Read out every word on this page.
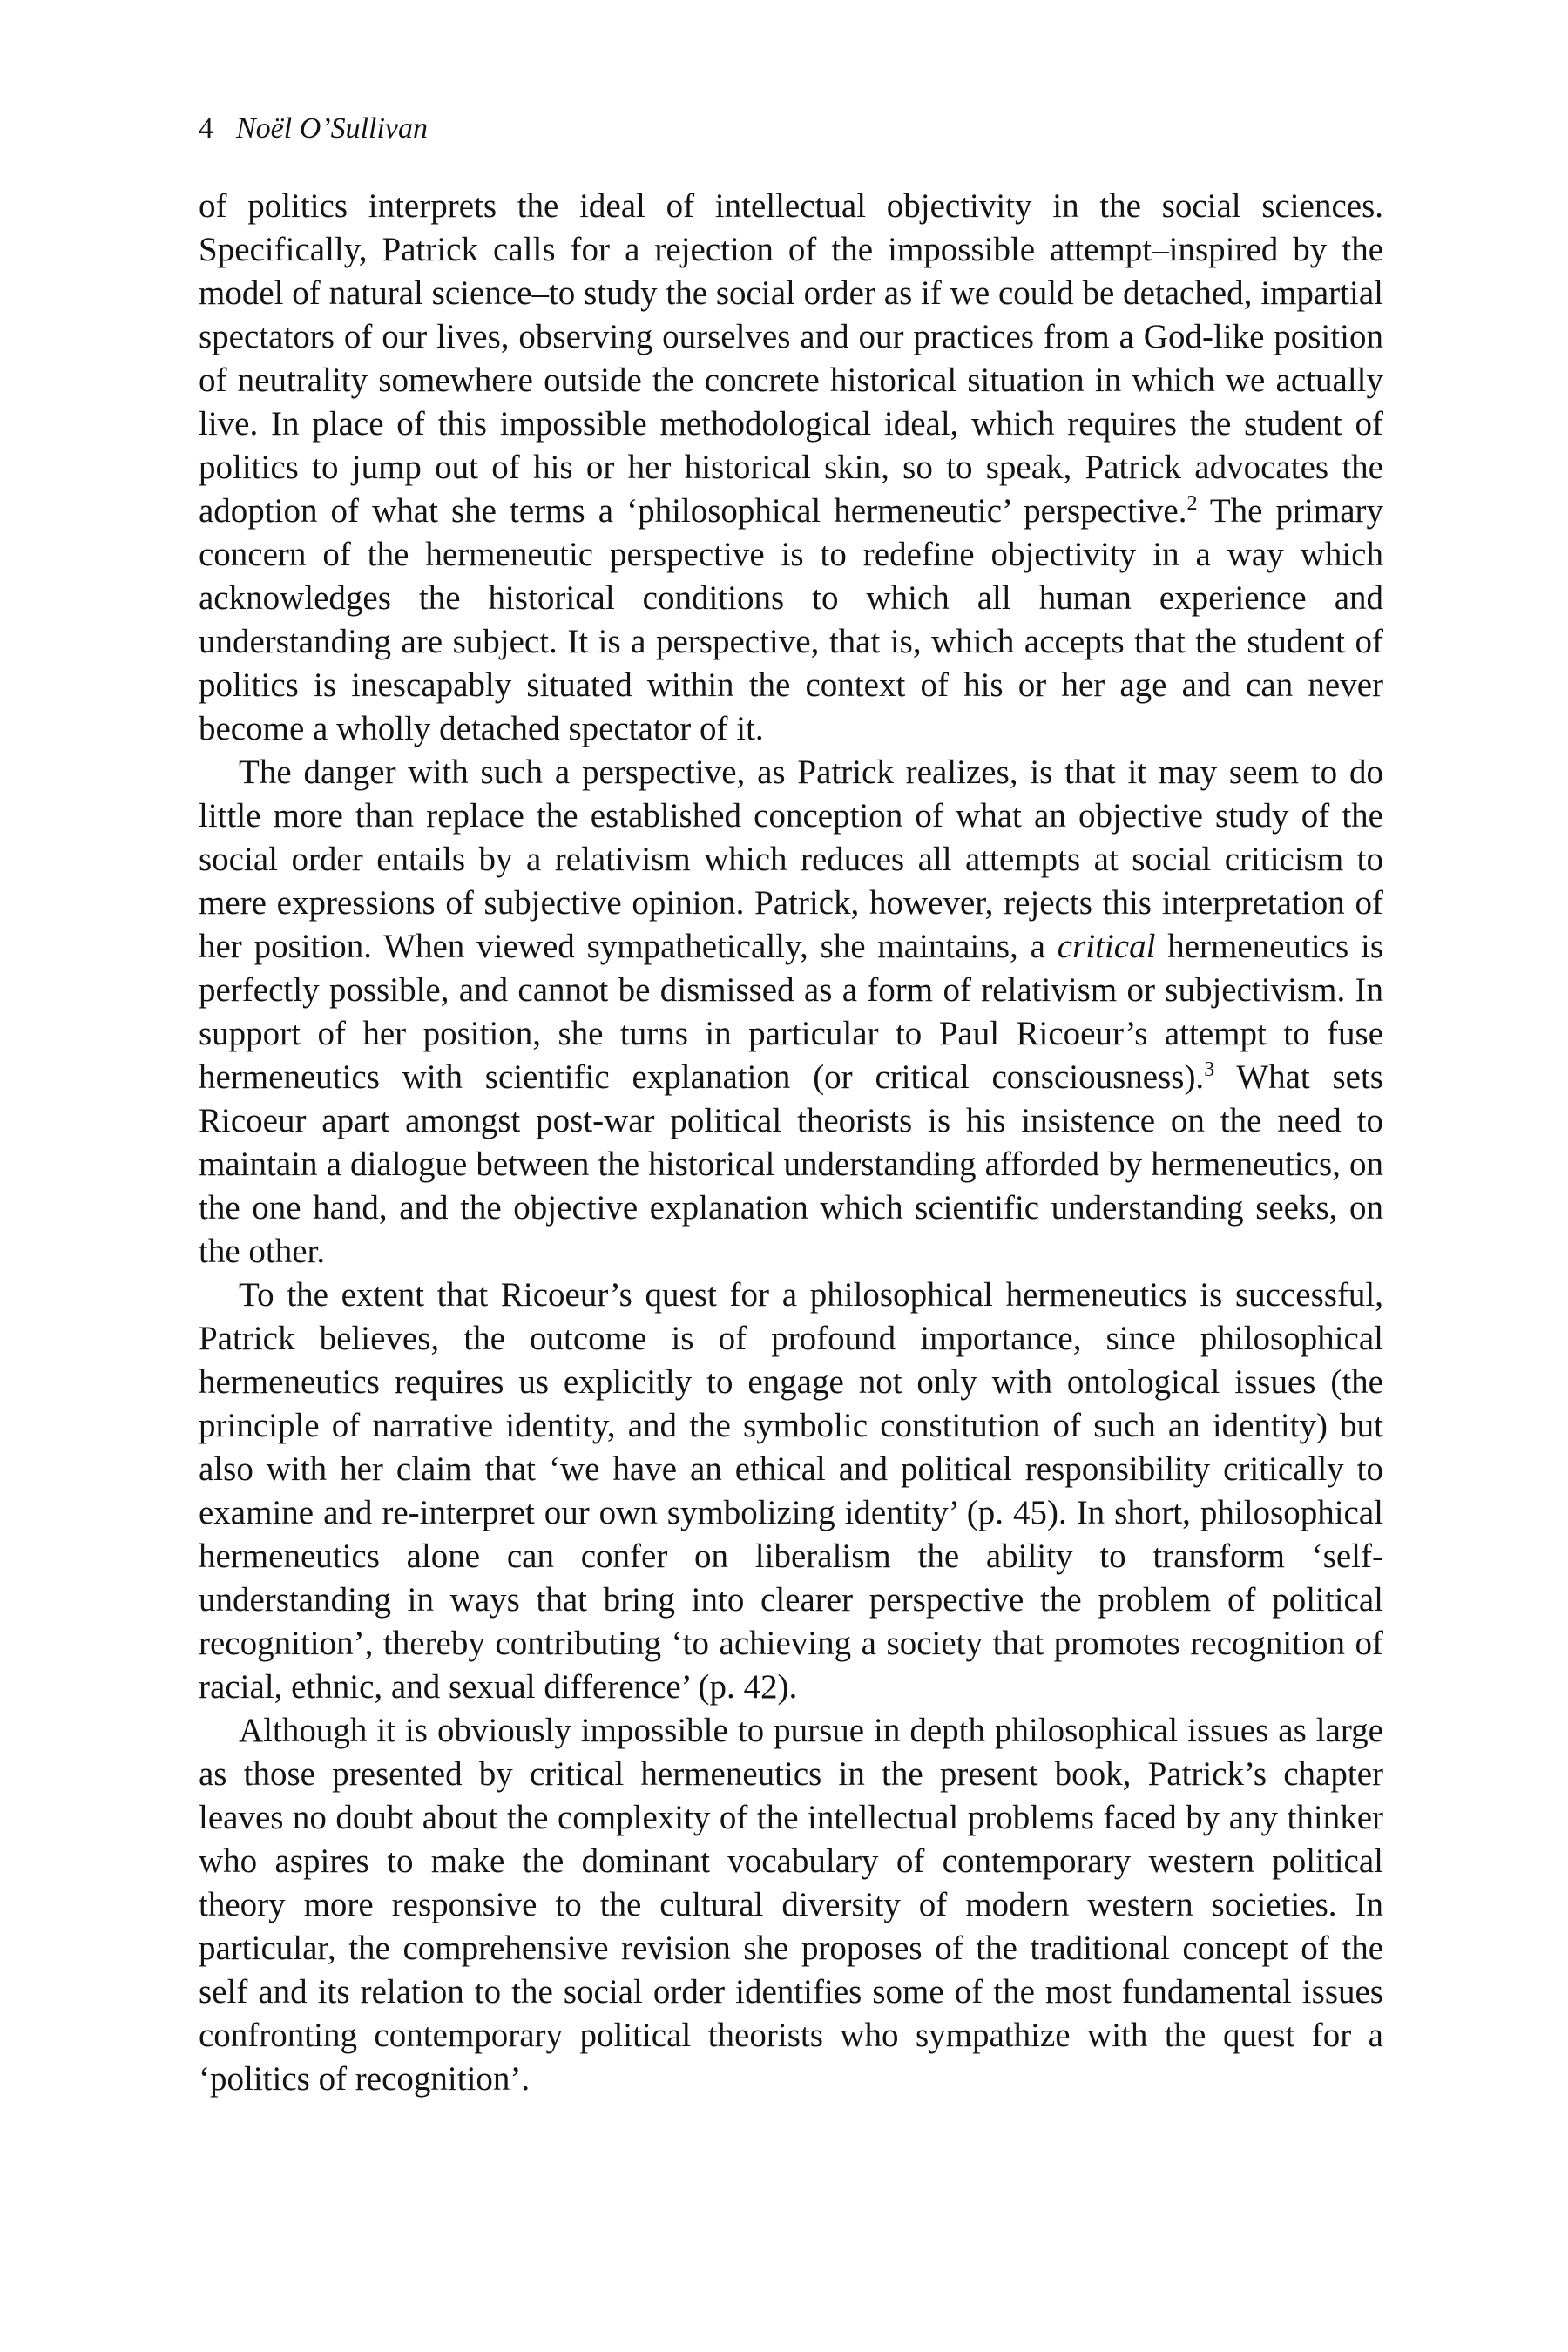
4 Noël O’Sullivan

of politics interprets the ideal of intellectual objectivity in the social sciences. Specifically, Patrick calls for a rejection of the impossible attempt–inspired by the model of natural science–to study the social order as if we could be detached, impartial spectators of our lives, observing ourselves and our practices from a God-like position of neutrality somewhere outside the concrete historical situation in which we actually live. In place of this impossible methodological ideal, which requires the student of politics to jump out of his or her historical skin, so to speak, Patrick advocates the adoption of what she terms a ‘philosophical hermeneutic’ perspective.$^2$ The primary concern of the hermeneutic perspective is to redefine objectivity in a way which acknowledges the historical conditions to which all human experience and understanding are subject. It is a perspective, that is, which accepts that the student of politics is inescapably situated within the context of his or her age and can never become a wholly detached spectator of it.

The danger with such a perspective, as Patrick realizes, is that it may seem to do little more than replace the established conception of what an objective study of the social order entails by a relativism which reduces all attempts at social criticism to mere expressions of subjective opinion. Patrick, however, rejects this interpretation of her position. When viewed sympathetically, she maintains, a critical hermeneutics is perfectly possible, and cannot be dismissed as a form of relativism or subjectivism. In support of her position, she turns in particular to Paul Ricoeur’s attempt to fuse hermeneutics with scientific explanation (or critical consciousness).$^3$ What sets Ricoeur apart amongst post-war political theorists is his insistence on the need to maintain a dialogue between the historical understanding afforded by hermeneutics, on the one hand, and the objective explanation which scientific understanding seeks, on the other.

To the extent that Ricoeur’s quest for a philosophical hermeneutics is successful, Patrick believes, the outcome is of profound importance, since philosophical hermeneutics requires us explicitly to engage not only with ontological issues (the principle of narrative identity, and the symbolic constitution of such an identity) but also with her claim that ‘we have an ethical and political responsibility critically to examine and re-interpret our own symbolizing identity’ (p. 45). In short, philosophical hermeneutics alone can confer on liberalism the ability to transform ‘self-understanding in ways that bring into clearer perspective the problem of political recognition’, thereby contributing ‘to achieving a society that promotes recognition of racial, ethnic, and sexual difference’ (p. 42).

Although it is obviously impossible to pursue in depth philosophical issues as large as those presented by critical hermeneutics in the present book, Patrick’s chapter leaves no doubt about the complexity of the intellectual problems faced by any thinker who aspires to make the dominant vocabulary of contemporary western political theory more responsive to the cultural diversity of modern western societies. In particular, the comprehensive revision she proposes of the traditional concept of the self and its relation to the social order identifies some of the most fundamental issues confronting contemporary political theorists who sympathize with the quest for a ‘politics of recognition’.
